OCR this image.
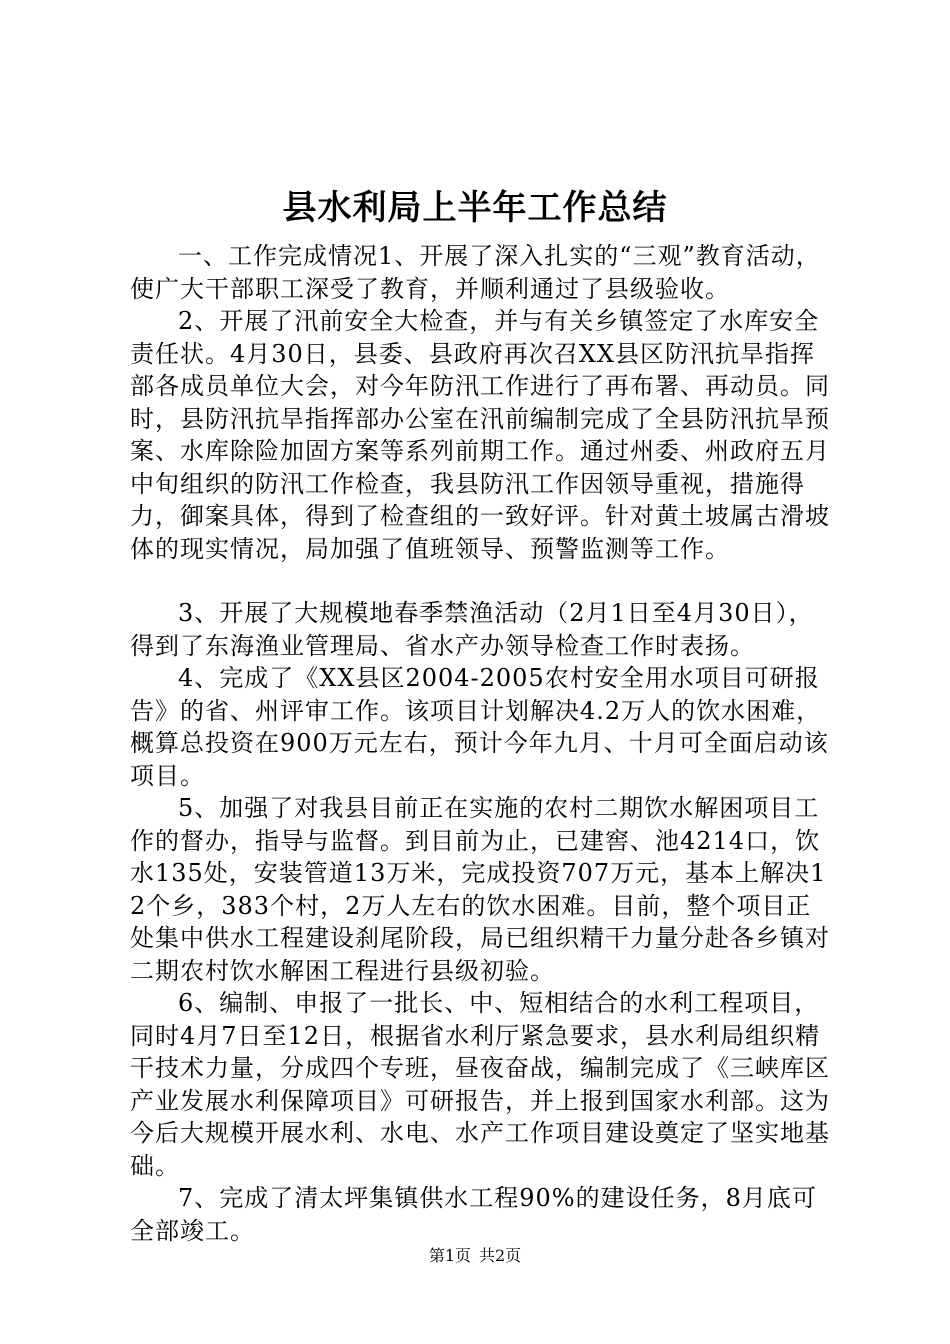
县水利局上半年工作总结

一、工作完成情况1、开展了深入扎实的“三观”教育活动，使广大干部职工深受了教育，并顺利通过了县级验收。

2、开展了汛前安全大检查，并与有关乡镇签定了水库安全责任状。4月30日，县委、县政府再次召XX县区防汛抗旱指挥部各成员单位大会，对今年防汛工作进行了再布署、再动员。同时，县防汛抗旱指挥部办公室在汛前编制完成了全县防汛抗旱预案、水库除险加固方案等系列前期工作。通过州委、州政府五月中旬组织的防汛工作检查，我县防汛工作因领导重视，措施得力，御案具体，得到了检查组的一致好评。针对黄土坡属古滑坡体的现实情况，局加强了值班领导、预警监测等工作。

3、开展了大规模地春季禁渔活动（2月1日至4月30日），得到了东海渔业管理局、省水产办领导检查工作时表扬。

4、完成了《XX县区2004-2005农村安全用水项目可研报告》的省、州评审工作。该项目计划解决4.2万人的饮水困难，概算总投资在900万元左右，预计今年九月、十月可全面启动该项目。

5、加强了对我县目前正在实施的农村二期饮水解困项目工作的督办，指导与监督。到目前为止，已建窖、池4214口，饮水135处，安装管道13万米，完成投资707万元，基本上解决12个乡，383个村，2万人左右的饮水困难。目前，整个项目正处集中供水工程建设刹尾阶段，局已组织精干力量分赴各乡镇对二期农村饮水解困工程进行县级初验。

6、编制、申报了一批长、中、短相结合的水利工程项目，同时4月7日至12日，根据省水利厅紧急要求，县水利局组织精干技术力量，分成四个专班，昼夜奋战，编制完成了《三峡库区产业发展水利保障项目》可研报告，并上报到国家水利部。这为今后大规模开展水利、水电、水产工作项目建设奠定了坚实地基础。

7、完成了清太坪集镇供水工程90%的建设任务，8月底可全部竣工。

第1页 共2页
